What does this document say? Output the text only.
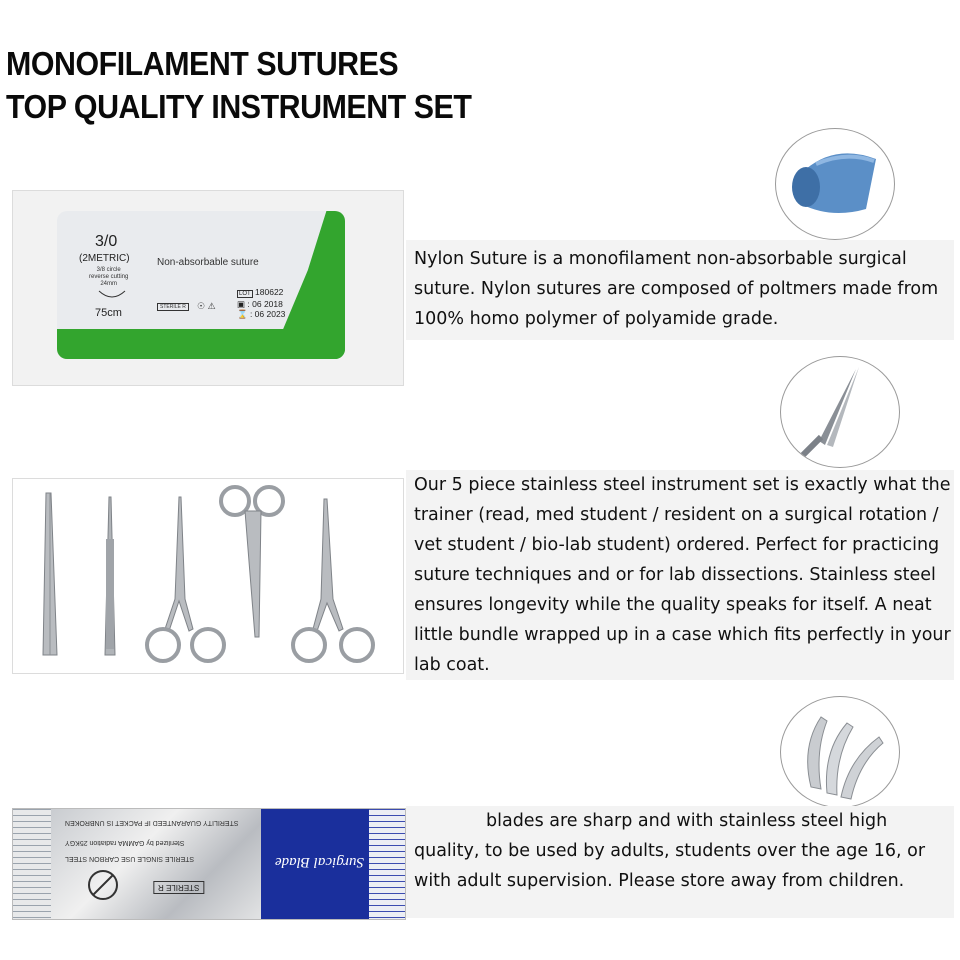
MONOFILAMENT SUTURES
TOP QUALITY INSTRUMENT SET
3/0
(2METRIC)
3/8 circle
reverse cutting
24mm
75cm
Non-absorbable suture
LOT 180622
▣ : 06 2018
⌛ : 06 2023
STERILE R	☉ ⚠

Nylon Suture is a monofilament non-absorbable surgical suture. Nylon sutures are composed of poltmers made from 100% homo polymer of polyamide grade.

Our 5 piece stainless steel instrument set is exactly what the trainer (read, med student / resident on a surgical rotation / vet student / bio-lab student) ordered. Perfect for practicing suture techniques and or for lab dissections. Stainless steel ensures longevity while the quality speaks for itself. A neat little bundle wrapped up in a case which fits perfectly in your lab coat.

STERILITY GUARANTEED IF PACKET IS UNBROKEN
Sterilized by GAMMA radiation 25KGY
STERILE SINGLE USE CARBON STEEL
STERILE R
Surgical Blade

blades are sharp and with stainless steel high quality, to be used by adults, students over the age 16, or with adult supervision. Please store away from children.
